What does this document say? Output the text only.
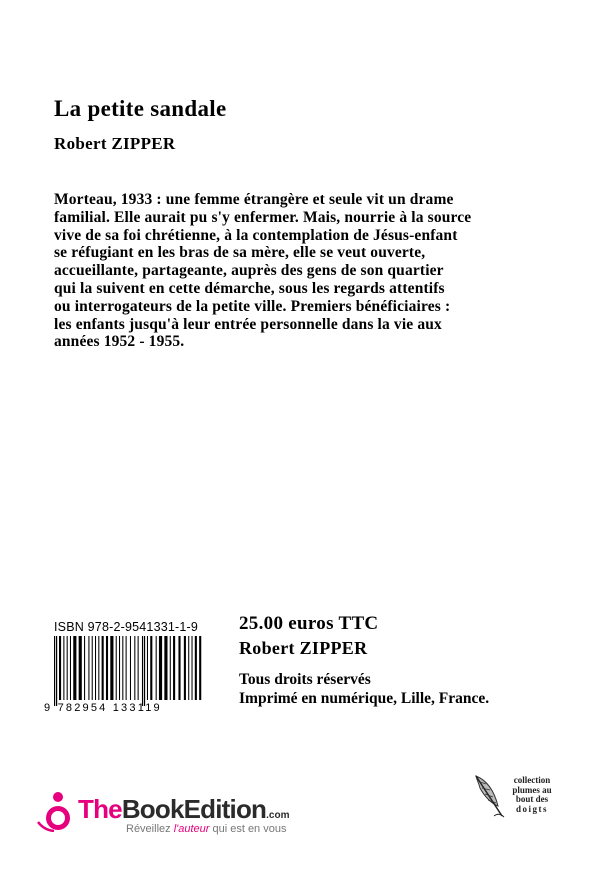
La petite sandale
Robert ZIPPER
Morteau, 1933 : une femme étrangère et seule vit un drame
familial. Elle aurait pu s'y enfermer. Mais, nourrie à la source
vive de sa foi chrétienne, à la contemplation de Jésus-enfant
se réfugiant en les bras de sa mère, elle se veut ouverte,
accueillante, partageante, auprès des gens de son quartier
qui la suivent en cette démarche, sous les regards attentifs
ou interrogateurs de la petite ville. Premiers bénéficiaires :
les enfants jusqu'à leur entrée personnelle dans la vie aux
années 1952 - 1955.
ISBN 978-2-9541331-1-9
9 782954 133119
25.00 euros TTC
Robert ZIPPER
Tous droits réservés
Imprimé en numérique, Lille, France.
TheBookEdition.com
Réveillez l'auteur qui est en vous
collection
plumes au
bout des
doigts
